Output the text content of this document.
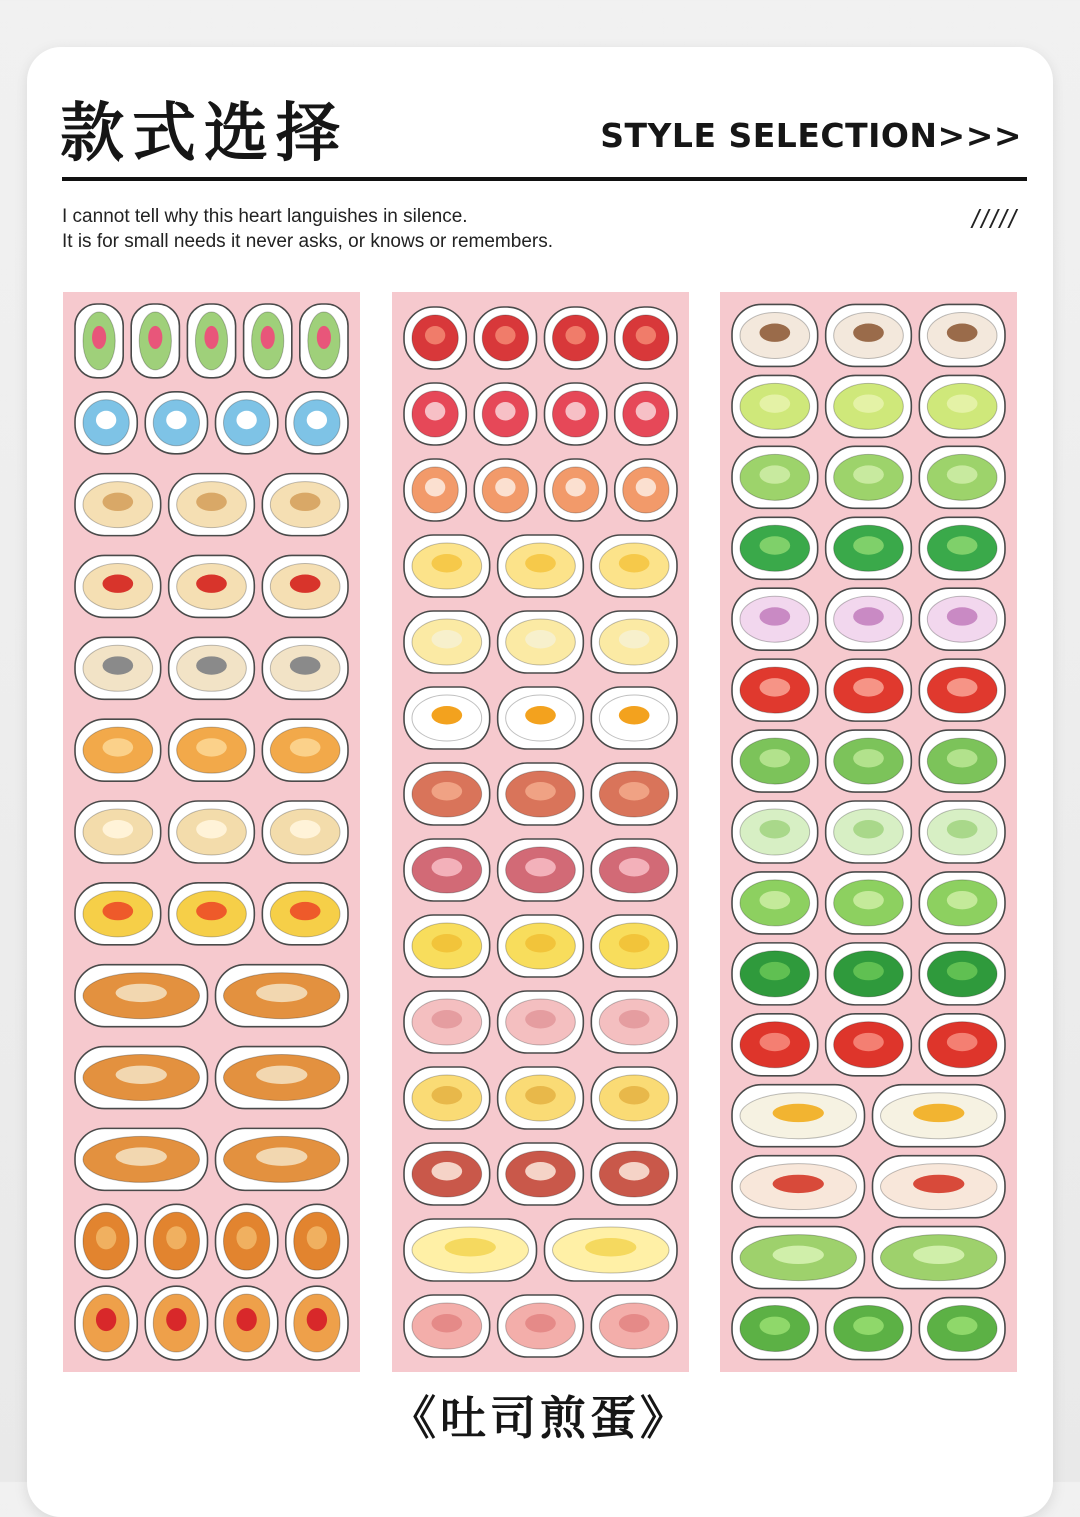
款式选择	STYLE SELECTION>>>
I cannot tell why this heart languishes in silence.
It is for small needs it never asks, or knows or remembers.
/////
《吐司煎蛋》
